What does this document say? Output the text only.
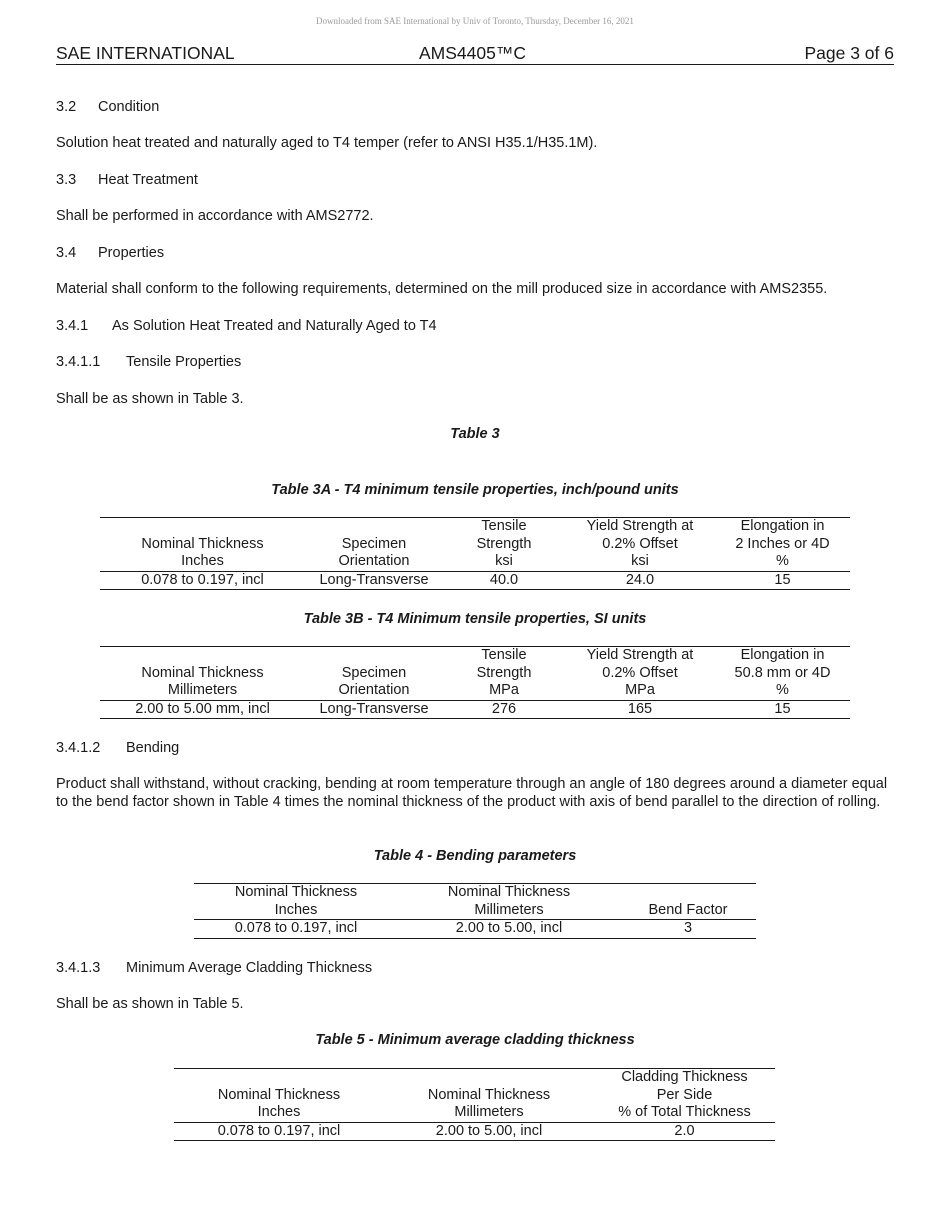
Downloaded from SAE International by Univ of Toronto, Thursday, December 16, 2021
SAE INTERNATIONAL	AMS4405™C	Page 3 of 6
3.2 Condition
Solution heat treated and naturally aged to T4 temper (refer to ANSI H35.1/H35.1M).
3.3 Heat Treatment
Shall be performed in accordance with AMS2772.
3.4 Properties
Material shall conform to the following requirements, determined on the mill produced size in accordance with AMS2355.
3.4.1 As Solution Heat Treated and Naturally Aged to T4
3.4.1.1 Tensile Properties
Shall be as shown in Table 3.
Table 3
Table 3A - T4 minimum tensile properties, inch/pound units
		Tensile	Yield Strength at	Elongation in
Nominal Thickness	Specimen	Strength	0.2% Offset	2 Inches or 4D
Inches	Orientation	ksi	ksi	%
0.078 to 0.197, incl	Long-Transverse	40.0	24.0	15
Table 3B - T4 Minimum tensile properties, SI units
		Tensile	Yield Strength at	Elongation in
Nominal Thickness	Specimen	Strength	0.2% Offset	50.8 mm or 4D
Millimeters	Orientation	MPa	MPa	%
2.00 to 5.00 mm, incl	Long-Transverse	276	165	15
3.4.1.2 Bending
Product shall withstand, without cracking, bending at room temperature through an angle of 180 degrees around a diameter equal to the bend factor shown in Table 4 times the nominal thickness of the product with axis of bend parallel to the direction of rolling.
Table 4 - Bending parameters
Nominal Thickness	Nominal Thickness	
Inches	Millimeters	Bend Factor
0.078 to 0.197, incl	2.00 to 5.00, incl	3
3.4.1.3 Minimum Average Cladding Thickness
Shall be as shown in Table 5.
Table 5 - Minimum average cladding thickness
		Cladding Thickness
Nominal Thickness	Nominal Thickness	Per Side
Inches	Millimeters	% of Total Thickness
0.078 to 0.197, incl	2.00 to 5.00, incl	2.0
